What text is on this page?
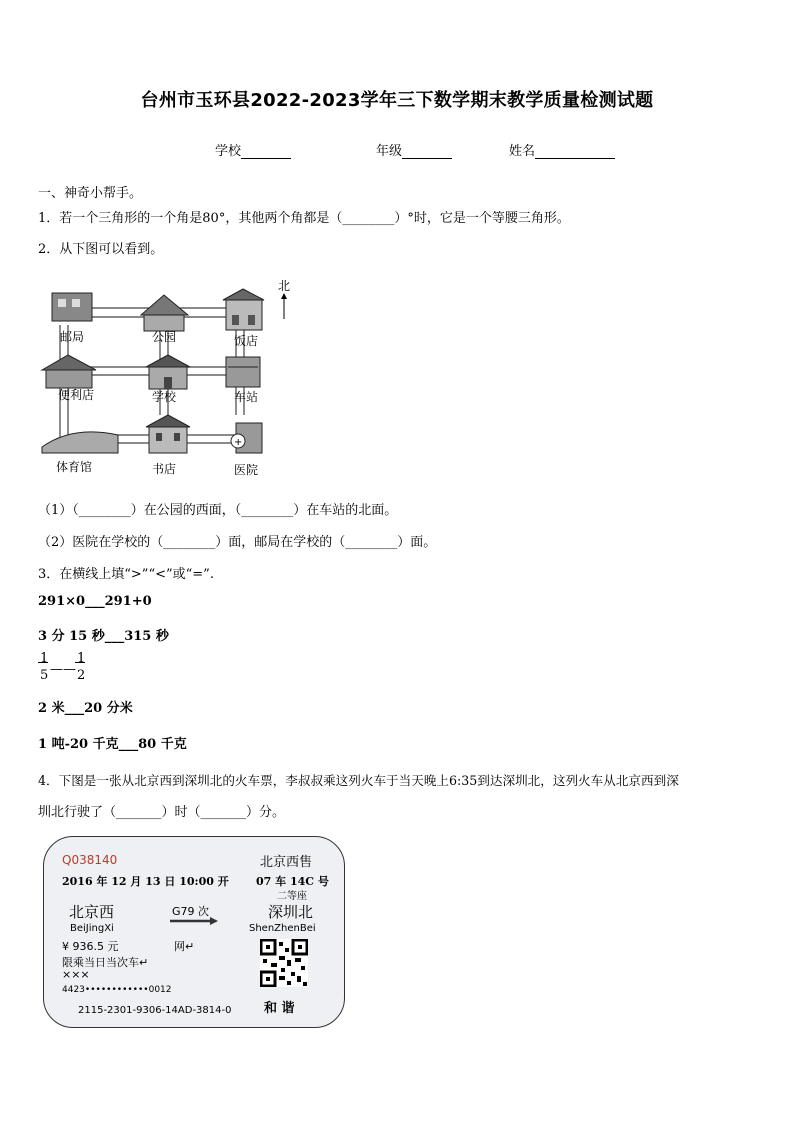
台州市玉环县2022-2023学年三下数学期末教学质量检测试题
学校	年级	姓名
一、神奇小帮手。
1．若一个三角形的一个角是80°，其他两个角都是（________）°时，它是一个等腰三角形。
2．从下图可以看到。
+
北
邮局	公园	饭店
便利店	学校	车站
体育馆	书店	医院
（1）（________）在公园的西面，（________）在车站的北面。
（2）医院在学校的（________）面，邮局在学校的（________）面。
3．在横线上填“>”“<”或“=”.
291×0___291+0
3 分 15 秒___315 秒
1
5 ——
1
2
2 米___20 分米
1 吨-20 千克___80 千克
4．下图是一张从北京西到深圳北的火车票，李叔叔乘这列火车于当天晚上6:35到达深圳北，这列火车从北京西到深
圳北行驶了（_______）时（_______）分。
Q038140	北京西售
2016 年 12 月 13 日 10:00 开 07 车 14C 号
二等座
北京西	G79 次	深圳北
BeiJingXi	ShenZhenBei
¥ 936.5 元	网↵
限乘当日当次车↵
×××
4423••••••••••••0012
和 谐
2115-2301-9306-14AD-3814-0
